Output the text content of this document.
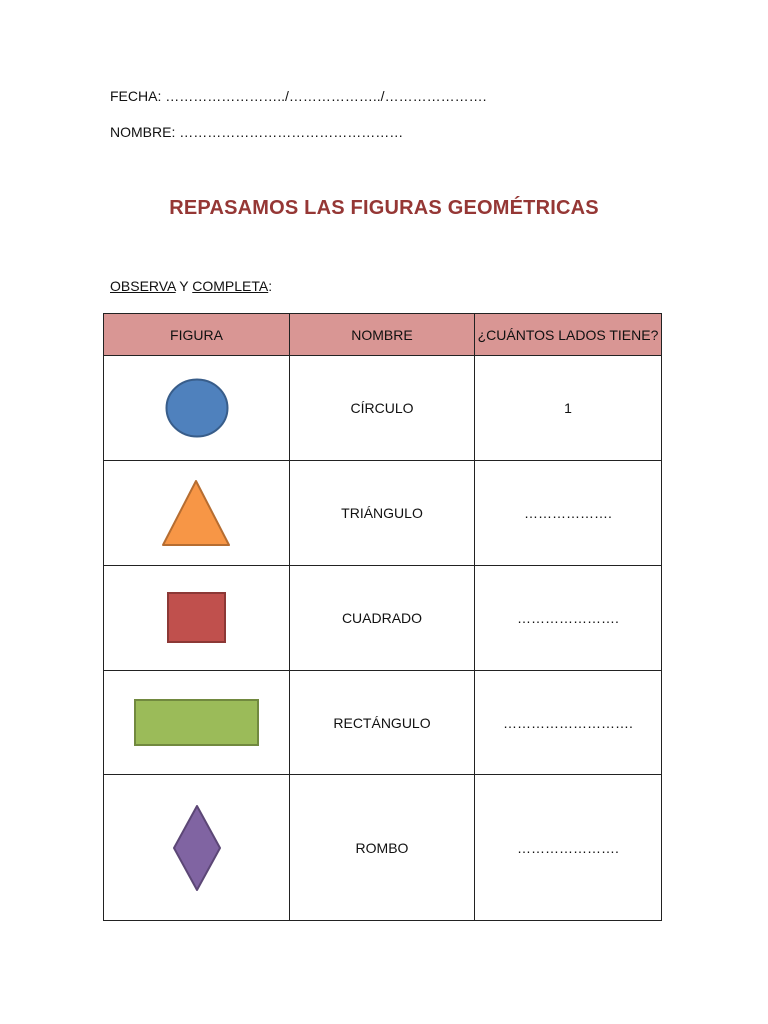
FECHA: ……………………../………………../………………….
NOMBRE: …………………………………………
REPASAMOS LAS FIGURAS GEOMÉTRICAS
OBSERVA Y COMPLETA:
FIGURA	NOMBRE	¿CUÁNTOS LADOS TIENE?

	CÍRCULO	1

	TRIÁNGULO	……………….

	CUADRADO	………………….

	RECTÁNGULO	……………………….

	ROMBO	………………….
